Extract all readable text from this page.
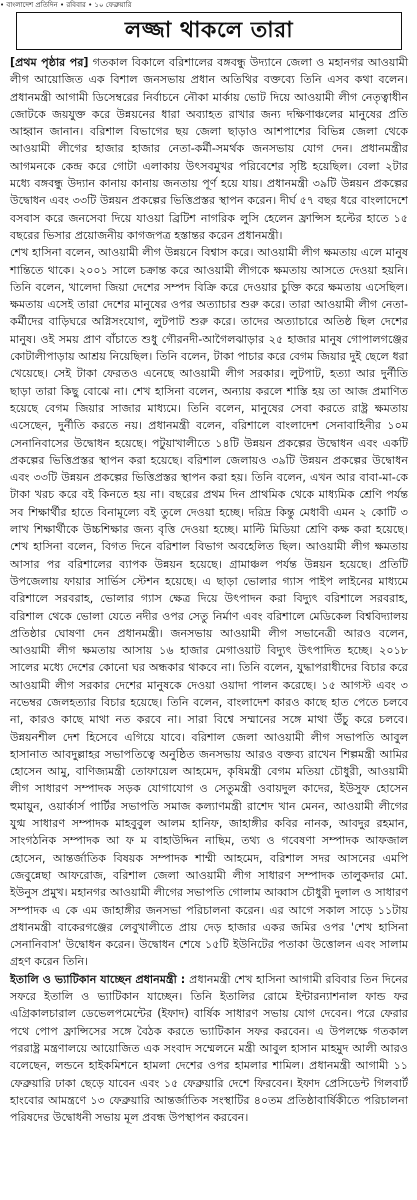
• বাংলাদেশ প্রতিদিন • রবিবার • ১০ ফেব্রুয়ারি
লজ্জা থাকলে তারা

[প্রথম পৃষ্ঠার পর] গতকাল বিকালে বরিশালের বঙ্গবন্ধু উদ্যানে জেলা ও মহানগর আওয়ামী লীগ আয়োজিত এক বিশাল জনসভায় প্রধান অতিথির বক্তব্যে তিনি এসব কথা বলেন। প্রধানমন্ত্রী আগামী ডিসেম্বরের নির্বাচনে নৌকা মার্কায় ভোট দিয়ে আওয়ামী লীগ নেতৃত্বাধীন জোটকে জয়যুক্ত করে উন্নয়নের ধারা অব্যাহত রাখার জন্য দক্ষিণাঞ্চলের মানুষের প্রতি আহ্বান জানান। বরিশাল বিভাগের ছয় জেলা ছাড়াও আশপাশের বিভিন্ন জেলা থেকে আওয়ামী লীগের হাজার হাজার নেতা-কর্মী-সমর্থক জনসভায় যোগ দেন। প্রধানমন্ত্রীর আগমনকে কেন্দ্র করে গোটা এলাকায় উৎসবমুখর পরিবেশের সৃষ্টি হয়েছিল। বেলা ২টার মধ্যে বঙ্গবন্ধু উদ্যান কানায় কানায় জনতায় পূর্ণ হয়ে যায়। প্রধানমন্ত্রী ৩৯টি উন্নয়ন প্রকল্পের উদ্বোধন এবং ৩৩টি উন্নয়ন প্রকল্পের ভিত্তিপ্রস্তর স্থাপন করেন। দীর্ঘ ৫৭ বছর ধরে বাংলাদেশে বসবাস করে জনসেবা দিয়ে যাওয়া ব্রিটিশ নাগরিক লুসি হেলেন ফ্রান্সিস হল্টের হাতে ১৫ বছরের ভিসার প্রয়োজনীয় কাগজপত্র হস্তান্তর করেন প্রধানমন্ত্রী।

শেখ হাসিনা বলেন, আওয়ামী লীগ উন্নয়নে বিশ্বাস করে। আওয়ামী লীগ ক্ষমতায় এলে মানুষ শান্তিতে থাকে। ২০০১ সালে চক্রান্ত করে আওয়ামী লীগকে ক্ষমতায় আসতে দেওয়া হয়নি। তিনি বলেন, খালেদা জিয়া দেশের সম্পদ বিক্রি করে দেওয়ার চুক্তি করে ক্ষমতায় এসেছিল। ক্ষমতায় এসেই তারা দেশের মানুষের ওপর অত্যাচার শুরু করে। তারা আওয়ামী লীগ নেতা-কর্মীদের বাড়িঘরে অগ্নিসংযোগ, লুটপাট শুরু করে। তাদের অত্যাচারে অতিষ্ঠ ছিল দেশের মানুষ। ওই সময় প্রাণ বাঁচাতে শুধু গৌরনদী-আগৈলঝাড়ার ২৫ হাজার মানুষ গোপালগঞ্জের কোটালীপাড়ায় আশ্রয় নিয়েছিল। তিনি বলেন, টাকা পাচার করে বেগম জিয়ার দুই ছেলে ধরা খেয়েছে। সেই টাকা ফেরতও এনেছে আওয়ামী লীগ সরকার। লুটপাট, হত্যা আর দুর্নীতি ছাড়া তারা কিছু বোঝে না। শেখ হাসিনা বলেন, অন্যায় করলে শাস্তি হয় তা আজ প্রমাণিত হয়েছে বেগম জিয়ার সাজার মাধ্যমে। তিনি বলেন, মানুষের সেবা করতে রাষ্ট্র ক্ষমতায় এসেছেন, দুর্নীতি করতে নয়। প্রধানমন্ত্রী বলেন, বরিশালে বাংলাদেশ সেনাবাহিনীর ১০ম সেনানিবাসের উদ্বোধন হয়েছে। পটুয়াখালীতে ১৪টি উন্নয়ন প্রকল্পের উদ্বোধন এবং একটি প্রকল্পের ভিত্তিপ্রস্তর স্থাপন করা হয়েছে। বরিশাল জেলায়ও ৩৯টি উন্নয়ন প্রকল্পের উদ্বোধন এবং ৩৩টি উন্নয়ন প্রকল্পের ভিত্তিপ্রস্তর স্থাপন করা হয়। তিনি বলেন, এখন আর বাবা-মা-কে টাকা খরচ করে বই কিনতে হয় না। বছরের প্রথম দিন প্রাথমিক থেকে মাধ্যমিক শ্রেণি পর্যন্ত সব শিক্ষার্থীর হাতে বিনামূল্যে বই তুলে দেওয়া হচ্ছে। দরিদ্র কিন্তু মেধাবী এমন ২ কোটি ৩ লাখ শিক্ষার্থীকে উচ্চশিক্ষার জন্য বৃত্তি দেওয়া হচ্ছে। মাল্টি মিডিয়া শ্রেণি কক্ষ করা হয়েছে। শেখ হাসিনা বলেন, বিগত দিনে বরিশাল বিভাগ অবহেলিত ছিল। আওয়ামী লীগ ক্ষমতায় আসার পর বরিশালের ব্যাপক উন্নয়ন হয়েছে। গ্রামাঞ্চল পর্যন্ত উন্নয়ন হয়েছে। প্রতিটি উপজেলায় ফায়ার সার্ভিস স্টেশন হয়েছে। এ ছাড়া ভোলার গ্যাস পাইপ লাইনের মাধ্যমে বরিশালে সরবরাহ, ভোলার গ্যাস ক্ষেত্র দিয়ে উৎপাদন করা বিদ্যুৎ বরিশালে সরবরাহ, বরিশাল থেকে ভোলা যেতে নদীর ওপর সেতু নির্মাণ এবং বরিশালে মেডিকেল বিশ্ববিদ্যালয় প্রতিষ্ঠার ঘোষণা দেন প্রধানমন্ত্রী। জনসভায় আওয়ামী লীগ সভানেত্রী আরও বলেন, আওয়ামী লীগ ক্ষমতায় আসায় ১৬ হাজার মেগাওয়াট বিদ্যুৎ উৎপাদিত হচ্ছে। ২০১৮ সালের মধ্যে দেশের কোনো ঘর অন্ধকার থাকবে না। তিনি বলেন, যুদ্ধাপরাধীদের বিচার করে আওয়ামী লীগ সরকার দেশের মানুষকে দেওয়া ওয়াদা পালন করেছে। ১৫ আগস্ট এবং ৩ নভেম্বর জেলহত্যার বিচার হয়েছে। তিনি বলেন, বাংলাদেশ কারও কাছে হাত পেতে চলবে না, কারও কাছে মাথা নত করবে না। সারা বিশ্বে সম্মানের সঙ্গে মাথা উঁচু করে চলবে। উন্নয়নশীল দেশ হিসেবে এগিয়ে যাবে। বরিশাল জেলা আওয়ামী লীগ সভাপতি আবুল হাসানাত আবদুল্লাহর সভাপতিত্বে অনুষ্ঠিত জনসভায় আরও বক্তব্য রাখেন শিল্পমন্ত্রী আমির হোসেন আমু, বাণিজ্যমন্ত্রী তোফায়েল আহমেদ, কৃষিমন্ত্রী বেগম মতিয়া চৌধুরী, আওয়ামী লীগ সাধারণ সম্পাদক সড়ক যোগাযোগ ও সেতুমন্ত্রী ওবায়দুল কাদের, ইউসুফ হোসেন হুমায়ুন, ওয়ার্কার্স পার্টির সভাপতি সমাজ কল্যাণমন্ত্রী রাশেদ খান মেনন, আওয়ামী লীগের যুগ্ম সাধারণ সম্পাদক মাহবুবুল আলম হানিফ, জাহাঙ্গীর কবির নানক, আবদুর রহমান, সাংগঠনিক সম্পাদক আ ফ ম বাহাউদ্দিন নাছিম, তথ্য ও গবেষণা সম্পাদক আফজাল হোসেন, আন্তর্জাতিক বিষয়ক সম্পাদক শাম্মী আহমেদ, বরিশাল সদর আসনের এমপি জেবুন্নেছা আফরোজ, বরিশাল জেলা আওয়ামী লীগ সাধারণ সম্পাদক তালুকদার মো. ইউনুস প্রমুখ। মহানগর আওয়ামী লীগের সভাপতি গোলাম আব্বাস চৌধুরী দুলাল ও সাধারণ সম্পাদক এ কে এম জাহাঙ্গীর জনসভা পরিচালনা করেন। এর আগে সকাল সাড়ে ১১টায় প্রধানমন্ত্রী বাকেরগঞ্জের লেবুখালীতে প্রায় দেড় হাজার একর জমির ওপর 'শেখ হাসিনা সেনানিবাস' উদ্বোধন করেন। উদ্বোধন শেষে ১৫টি ইউনিটের পতাকা উত্তোলন এবং সালাম গ্রহণ করেন তিনি।

ইতালি ও ভ্যাটিকান যাচ্ছেন প্রধানমন্ত্রী : প্রধানমন্ত্রী শেখ হাসিনা আগামী রবিবার তিন দিনের সফরে ইতালি ও ভ্যাটিকান যাচ্ছেন। তিনি ইতালির রোমে ইন্টারন্যাশনাল ফান্ড ফর এগ্রিকালচারাল ডেভেলপমেন্টের (ইফাদ) বার্ষিক সাধারণ সভায় যোগ দেবেন। পরে ফেরার পথে পোপ ফ্রান্সিসের সঙ্গে বৈঠক করতে ভ্যাটিকান সফর করবেন। এ উপলক্ষে গতকাল পররাষ্ট্র মন্ত্রণালয়ে আয়োজিত এক সংবাদ সম্মেলনে মন্ত্রী আবুল হাসান মাহমুদ আলী আরও বলেছেন, লন্ডনে হাইকমিশনে হামলা দেশের ওপর হামলার শামিল। প্রধানমন্ত্রী আগামী ১১ ফেব্রুয়ারি ঢাকা ছেড়ে যাবেন এবং ১৫ ফেব্রুয়ারি দেশে ফিরবেন। ইফাদ প্রেসিডেন্ট গিলবার্ট হাংবোর আমন্ত্রণে ১৩ ফেব্রুয়ারি আন্তর্জাতিক সংস্থাটির ৪০তম প্রতিষ্ঠাবার্ষিকীতে পরিচালনা পরিষদের উদ্বোধনী সভায় মূল প্রবন্ধ উপস্থাপন করবেন।
